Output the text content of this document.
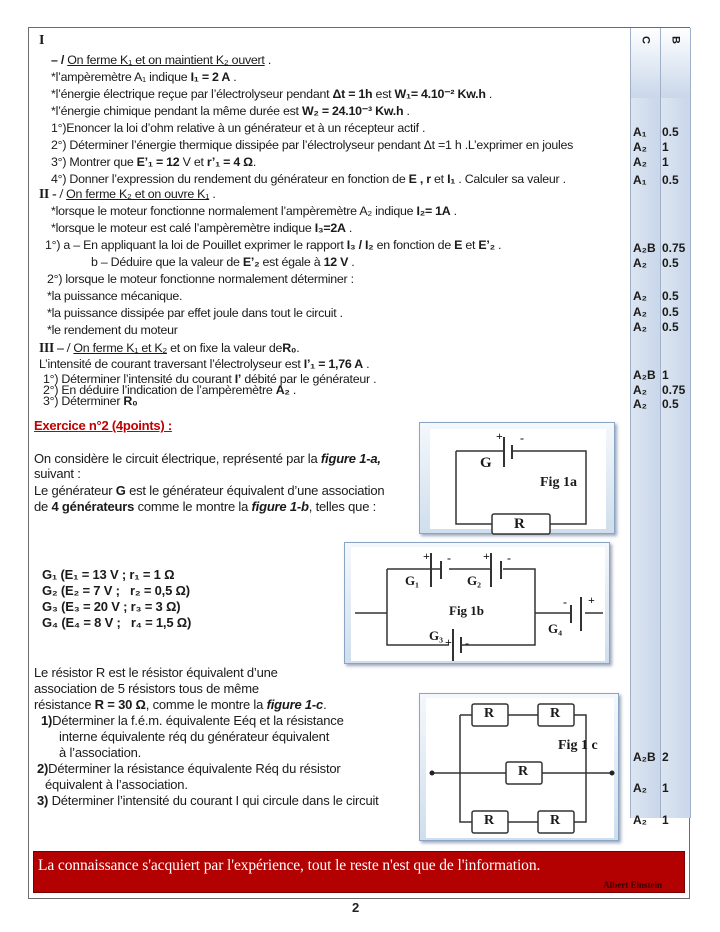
C B
I
– / On ferme K₁ et on maintient K₂ ouvert .
*l’ampèremètre A₁ indique I₁ = 2 A .
*l’énergie électrique reçue par l’électrolyseur pendant Δt = 1h est W₁= 4.10⁻² Kw.h .
*l’énergie chimique pendant la même durée est W₂ = 24.10⁻³ Kw.h .
1°)Enoncer la loi d’ohm relative à un générateur et à un récepteur actif .
2°) Déterminer l’énergie thermique dissipée par l’électrolyseur pendant Δt =1 h .L’exprimer en joules
3°) Montrer que E’₁ = 12 V et r’₁ = 4 Ω.
4°) Donner l’expression du rendement du générateur en fonction de E , r et I₁ . Calculer sa valeur .
A₁ 0.5
A₂ 1
A₂ 1
A₁ 0.5
II - / On ferme K₂ et on ouvre K₁ .
*lorsque le moteur fonctionne normalement l’ampèremètre A₂ indique I₂= 1A .
*lorsque le moteur est calé l’ampèremètre indique I₃=2A .
1°) a – En appliquant la loi de Pouillet exprimer le rapport I₃ / I₂ en fonction de E et E’₂ .
b – Déduire que la valeur de E’₂ est égale à 12 V .
2°) lorsque le moteur fonctionne normalement déterminer :
*la puissance mécanique.
*la puissance dissipée par effet joule dans tout le circuit .
*le rendement du moteur
A₂B 0.75
A₂ 0.5
A₂ 0.5
A₂ 0.5
A₂ 0.5
III – / On ferme K₁ et K₂ et on fixe la valeur deR₀.
L’intensité de courant traversant l’électrolyseur est I’₁ = 1,76 A .
1°) Déterminer l’intensité du courant I’ débité par le générateur .
2°) En déduire l’indication de l’ampèremètre A₂ .
3°) Déterminer R₀
A₂B 1
A₂ 0.75
A₂ 0.5
Exercice n°2 (4points) :
On considère le circuit électrique, représenté par la figure 1-a,
suivant :
Le générateur G est le générateur équivalent d’une association
de 4 générateurs comme le montre la figure 1-b, telles que :
G₁ (E₁ = 13 V ; r₁ = 1 Ω
G₂ (E₂ = 7 V ;   r₂ = 0,5 Ω)
G₃ (E₃ = 20 V ; r₃ = 3 Ω)
G₄ (E₄ = 8 V ;   r₄ = 1,5 Ω)
Le résistor R est le résistor équivalent d’une
association de 5 résistors tous de même
résistance R = 30 Ω, comme le montre la figure 1-c.
1)Déterminer la f.é.m. équivalente Eéq et la résistance
interne équivalente réq du générateur équivalent
à l’association.
2)Déterminer la résistance équivalente Réq du résistor
équivalent à l’association.
3) Déterminer l’intensité du courant I qui circule dans le circuit
A₂B 2
A₂ 1
A₂ 1
+ -
G
Fig 1a
R
+ -	+ -
G₁	G₂
Fig 1b
G₃ + -
- +
G₄
R	R
Fig 1 c
R
R	R
La connaissance s'acquiert par l'expérience, tout le reste n'est que de l'information.
Albert Einstein
2
